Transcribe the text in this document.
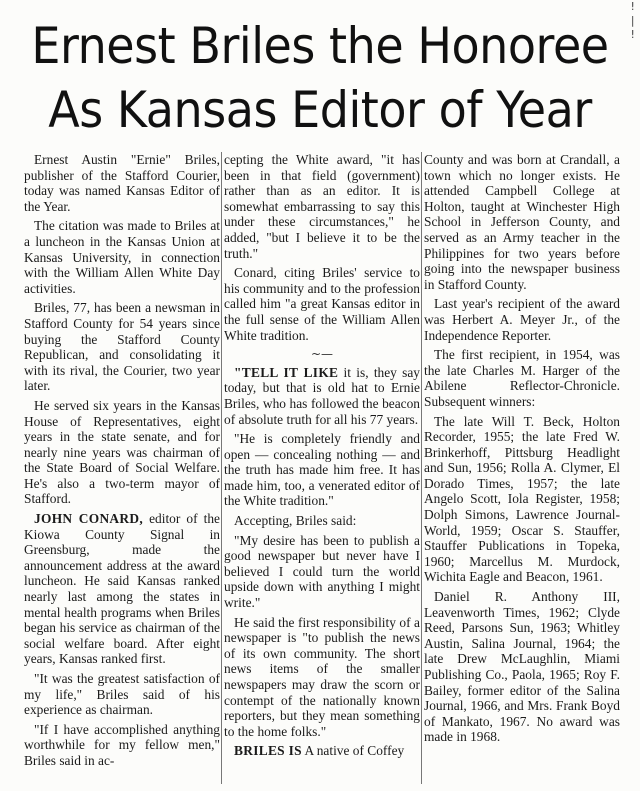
Ernest Briles the Honoree
As Kansas Editor of Year

Ernest Austin "Ernie" Briles, publisher of the Stafford Courier, today was named Kansas Editor of the Year.

The citation was made to Briles at a luncheon in the Kansas Union at Kansas University, in connection with the William Allen White Day activities.

Briles, 77, has been a newsman in Stafford County for 54 years since buying the Stafford County Republican, and consolidating it with its rival, the Courier, two year later.

He served six years in the Kansas House of Representatives, eight years in the state senate, and for nearly nine years was chairman of the State Board of Social Welfare. He's also a two-term mayor of Stafford.

JOHN CONARD, editor of the Kiowa County Signal in Greensburg, made the announcement address at the award luncheon. He said Kansas ranked nearly last among the states in mental health programs when Briles began his service as chairman of the social welfare board. After eight years, Kansas ranked first.

"It was the greatest satisfaction of my life," Briles said of his experience as chairman.

"If I have accomplished anything worthwhile for my fellow men," Briles said in ac-

cepting the White award, "it has been in that field (government) rather than as an editor. It is somewhat embarrassing to say this under these circumstances," he added, "but I believe it to be the truth."

Conard, citing Briles' service to his community and to the profession called him "a great Kansas editor in the full sense of the William Allen White tradition.

~—

"TELL IT LIKE it is, they say today, but that is old hat to Ernie Briles, who has followed the beacon of absolute truth for all his 77 years.

"He is completely friendly and open — concealing nothing — and the truth has made him free. It has made him, too, a venerated editor of the White tradition."

Accepting, Briles said:

"My desire has been to publish a good newspaper but never have I believed I could turn the world upside down with anything I might write."

He said the first responsibility of a newspaper is "to publish the news of its own community. The short news items of the smaller newspapers may draw the scorn or contempt of the nationally known reporters, but they mean something to the home folks."

BRILES IS A native of Coffey

County and was born at Crandall, a town which no longer exists. He attended Campbell College at Holton, taught at Winchester High School in Jefferson County, and served as an Army teacher in the Philippines for two years before going into the newspaper business in Stafford County.

Last year's recipient of the award was Herbert A. Meyer Jr., of the Independence Reporter.

The first recipient, in 1954, was the late Charles M. Harger of the Abilene Reflector-Chronicle. Subsequent winners:

The late Will T. Beck, Holton Recorder, 1955; the late Fred W. Brinkerhoff, Pittsburg Headlight and Sun, 1956; Rolla A. Clymer, El Dorado Times, 1957; the late Angelo Scott, Iola Register, 1958; Dolph Simons, Lawrence Journal-World, 1959; Oscar S. Stauffer, Stauffer Publications in Topeka, 1960; Marcellus M. Murdock, Wichita Eagle and Beacon, 1961.

Daniel R. Anthony III, Leavenworth Times, 1962; Clyde Reed, Parsons Sun, 1963; Whitley Austin, Salina Journal, 1964; the late Drew McLaughlin, Miami Publishing Co., Paola, 1965; Roy F. Bailey, former editor of the Salina Journal, 1966, and Mrs. Frank Boyd of Mankato, 1967. No award was made in 1968.

!
|
!
